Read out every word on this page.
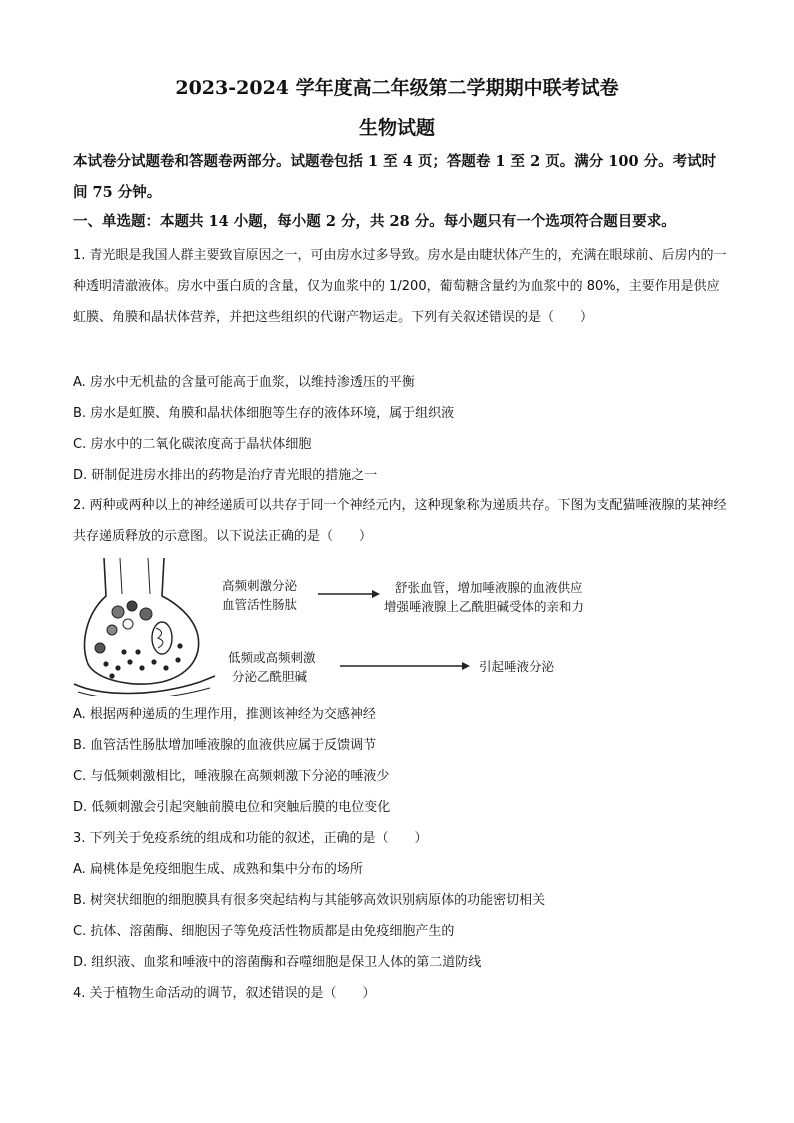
2023-2024 学年度高二年级第二学期期中联考试卷
生物试题
本试卷分试题卷和答题卷两部分。试题卷包括 1 至 4 页；答题卷 1 至 2 页。满分 100 分。考试时间 75 分钟。
一、单选题：本题共 14 小题，每小题 2 分，共 28 分。每小题只有一个选项符合题目要求。
1. 青光眼是我国人群主要致盲原因之一，可由房水过多导致。房水是由睫状体产生的，充满在眼球前、后房内的一种透明清澈液体。房水中蛋白质的含量，仅为血浆中的 1/200，葡萄糖含量约为血浆中的 80%，主要作用是供应虹膜、角膜和晶状体营养，并把这些组织的代谢产物运走。下列有关叙述错误的是（　　）
A. 房水中无机盐的含量可能高于血浆，以维持渗透压的平衡
B. 房水是虹膜、角膜和晶状体细胞等生存的液体环境，属于组织液
C. 房水中的二氧化碳浓度高于晶状体细胞
D. 研制促进房水排出的药物是治疗青光眼的措施之一
2. 两种或两种以上的神经递质可以共存于同一个神经元内，这种现象称为递质共存。下图为支配猫唾液腺的某神经共存递质释放的示意图。以下说法正确的是（　　）
高频刺激分泌
血管活性肠肽
舒张血管，增加唾液腺的血液供应
增强唾液腺上乙酰胆碱受体的亲和力
低频或高频刺激
分泌乙酰胆碱
引起唾液分泌
A. 根据两种递质的生理作用，推测该神经为交感神经
B. 血管活性肠肽增加唾液腺的血液供应属于反馈调节
C. 与低频刺激相比，唾液腺在高频刺激下分泌的唾液少
D. 低频刺激会引起突触前膜电位和突触后膜的电位变化
3. 下列关于免疫系统的组成和功能的叙述，正确的是（　　）
A. 扁桃体是免疫细胞生成、成熟和集中分布的场所
B. 树突状细胞的细胞膜具有很多突起结构与其能够高效识别病原体的功能密切相关
C. 抗体、溶菌酶、细胞因子等免疫活性物质都是由免疫细胞产生的
D. 组织液、血浆和唾液中的溶菌酶和吞噬细胞是保卫人体的第二道防线
4. 关于植物生命活动的调节，叙述错误的是（　　）
